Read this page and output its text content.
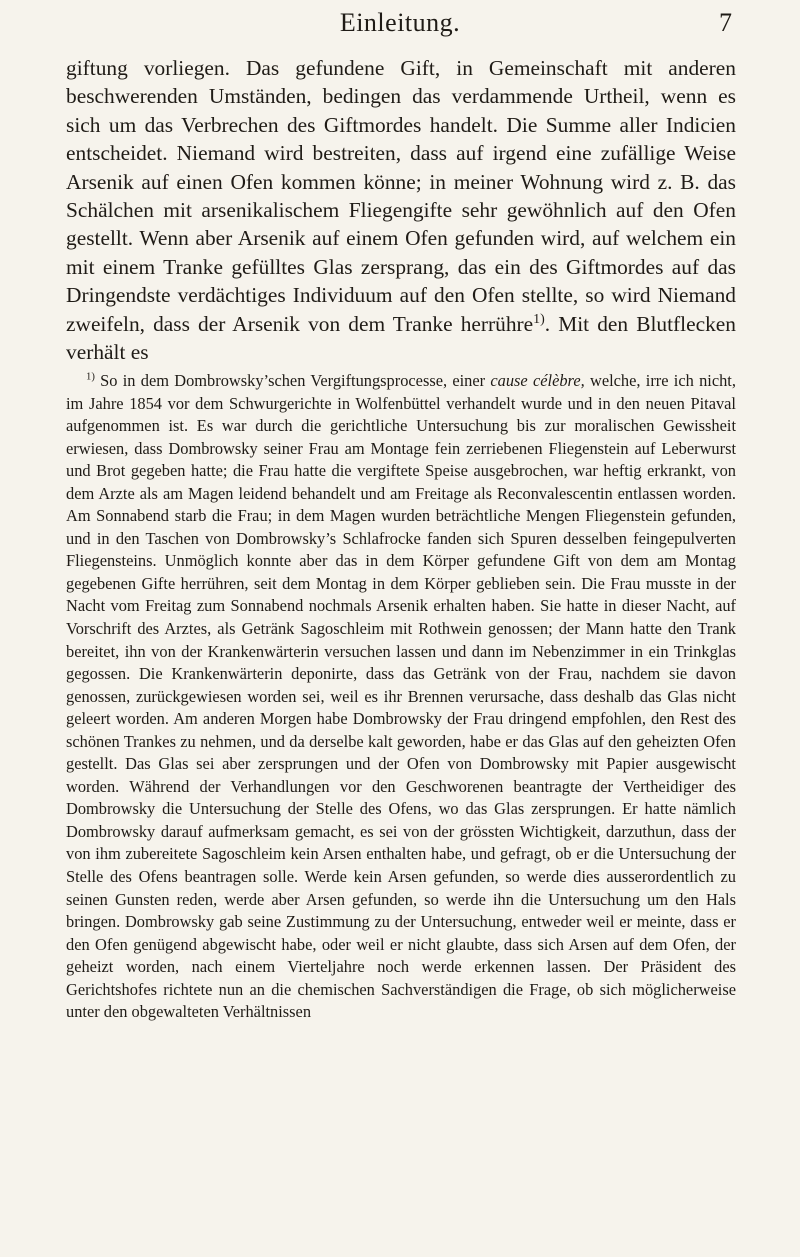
Einleitung.	7

giftung vorliegen. Das gefundene Gift, in Gemeinschaft mit anderen beschwerenden Umständen, bedingen das verdammende Urtheil, wenn es sich um das Verbrechen des Giftmordes handelt. Die Summe aller Indicien entscheidet. Niemand wird bestreiten, dass auf irgend eine zufällige Weise Arsenik auf einen Ofen kommen könne; in meiner Wohnung wird z. B. das Schälchen mit arsenikalischem Fliegengifte sehr gewöhnlich auf den Ofen gestellt. Wenn aber Arsenik auf einem Ofen gefunden wird, auf welchem ein mit einem Tranke gefülltes Glas zersprang, das ein des Giftmordes auf das Dringendste verdächtiges Individuum auf den Ofen stellte, so wird Niemand zweifeln, dass der Arsenik von dem Tranke herrühre$^{1)}$. Mit den Blutflecken verhält es

$^{1)}$ So in dem Dombrowsky’schen Vergiftungsprocesse, einer cause célèbre, welche, irre ich nicht, im Jahre 1854 vor dem Schwurgerichte in Wolfenbüttel verhandelt wurde und in den neuen Pitaval aufgenommen ist. Es war durch die gerichtliche Untersuchung bis zur moralischen Gewissheit erwiesen, dass Dombrowsky seiner Frau am Montage fein zerriebenen Fliegenstein auf Leberwurst und Brot gegeben hatte; die Frau hatte die vergiftete Speise ausgebrochen, war heftig erkrankt, von dem Arzte als am Magen leidend behandelt und am Freitage als Reconvalescentin entlassen worden. Am Sonnabend starb die Frau; in dem Magen wurden beträchtliche Mengen Fliegenstein gefunden, und in den Taschen von Dombrowsky’s Schlafrocke fanden sich Spuren desselben feingepulverten Fliegensteins. Unmöglich konnte aber das in dem Körper gefundene Gift von dem am Montag gegebenen Gifte herrühren, seit dem Montag in dem Körper geblieben sein. Die Frau musste in der Nacht vom Freitag zum Sonnabend nochmals Arsenik erhalten haben. Sie hatte in dieser Nacht, auf Vorschrift des Arztes, als Getränk Sagoschleim mit Rothwein genossen; der Mann hatte den Trank bereitet, ihn von der Krankenwärterin versuchen lassen und dann im Nebenzimmer in ein Trinkglas gegossen. Die Krankenwärterin deponirte, dass das Getränk von der Frau, nachdem sie davon genossen, zurückgewiesen worden sei, weil es ihr Brennen verursache, dass deshalb das Glas nicht geleert worden. Am anderen Morgen habe Dombrowsky der Frau dringend empfohlen, den Rest des schönen Trankes zu nehmen, und da derselbe kalt geworden, habe er das Glas auf den geheizten Ofen gestellt. Das Glas sei aber zersprungen und der Ofen von Dombrowsky mit Papier ausgewischt worden. Während der Verhandlungen vor den Geschworenen beantragte der Vertheidiger des Dombrowsky die Untersuchung der Stelle des Ofens, wo das Glas zersprungen. Er hatte nämlich Dombrowsky darauf aufmerksam gemacht, es sei von der grössten Wichtigkeit, darzuthun, dass der von ihm zubereitete Sagoschleim kein Arsen enthalten habe, und gefragt, ob er die Untersuchung der Stelle des Ofens beantragen solle. Werde kein Arsen gefunden, so werde dies ausserordentlich zu seinen Gunsten reden, werde aber Arsen gefunden, so werde ihn die Untersuchung um den Hals bringen. Dombrowsky gab seine Zustimmung zu der Untersuchung, entweder weil er meinte, dass er den Ofen genügend abgewischt habe, oder weil er nicht glaubte, dass sich Arsen auf dem Ofen, der geheizt worden, nach einem Vierteljahre noch werde erkennen lassen. Der Präsident des Gerichtshofes richtete nun an die chemischen Sachverständigen die Frage, ob sich möglicherweise unter den obgewalteten Verhältnissen
